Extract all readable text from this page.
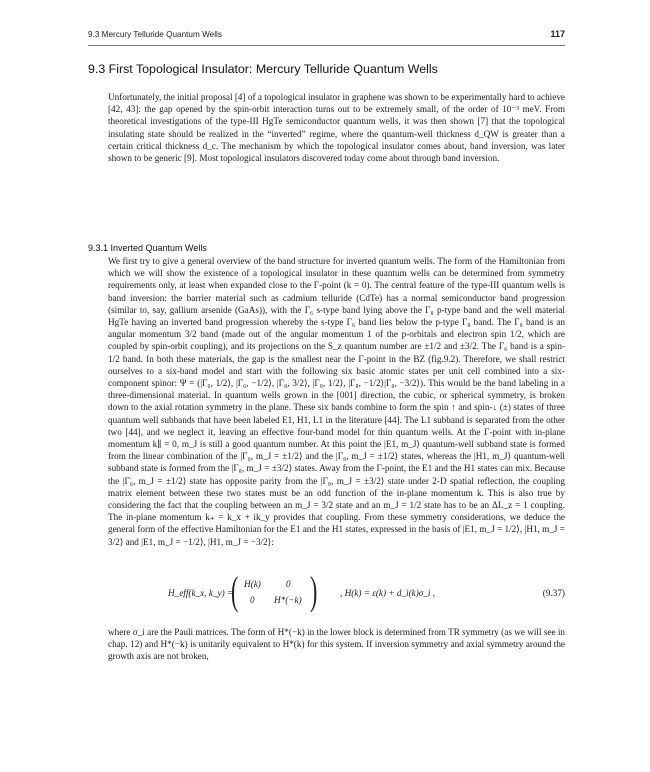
9.3 Mercury Telluride Quantum Wells	117
9.3 First Topological Insulator: Mercury Telluride Quantum Wells

Unfortunately, the initial proposal [4] of a topological insulator in graphene was shown to be experimentally hard to achieve [42, 43]: the gap opened by the spin-orbit interaction turns out to be extremely small, of the order of 10⁻³ meV. From theoretical investigations of the type-III HgTe semiconductor quantum wells, it was then shown [7] that the topological insulating state should be realized in the “inverted” regime, where the quantum-well thickness d_QW is greater than a certain critical thickness d_c. The mechanism by which the topological insulator comes about, band inversion, was later shown to be generic [9]. Most topological insulators discovered today come about through band inversion.

9.3.1 Inverted Quantum Wells

We first try to give a general overview of the band structure for inverted quantum wells. The form of the Hamiltonian from which we will show the existence of a topological insulator in these quantum wells can be determined from symmetry requirements only, at least when expanded close to the Γ-point (k = 0). The central feature of the type-III quantum wells is band inversion: the barrier material such as cadmium telluride (CdTe) has a normal semiconductor band progression (similar to, say, gallium arsenide (GaAs)), with the Γ₆ s-type band lying above the Γ₈ p-type band and the well material HgTe having an inverted band progression whereby the s-type Γ₆ band lies below the p-type Γ₈ band. The Γ₈ band is an angular momentum 3/2 band (made out of the angular momentum 1 of the p-orbitals and electron spin 1/2, which are coupled by spin-orbit coupling), and its projections on the S_z quantum number are ±1/2 and ±3/2. The Γ₆ band is a spin-1/2 band. In both these materials, the gap is the smallest near the Γ-point in the BZ (fig.9.2). Therefore, we shall restrict ourselves to a six-band model and start with the following six basic atomic states per unit cell combined into a six-component spinor: Ψ = (|Γ₆, 1/2⟩, |Γ₆, −1/2⟩, |Γ₈, 3/2⟩, |Γ₈, 1/2⟩, |Γ₈, −1/2⟩|Γ₈, −3/2⟩). This would be the band labeling in a three-dimensional material. In quantum wells grown in the [001] direction, the cubic, or spherical symmetry, is broken down to the axial rotation symmetry in the plane. These six bands combine to form the spin ↑ and spin-↓ (±) states of three quantum well subbands that have been labeled E1, H1, L1 in the literature [44]. The L1 subband is separated from the other two [44], and we neglect it, leaving an effective four-band model for thin quantum wells. At the Γ-point with in-plane momentum k∥ = 0, m_J is still a good quantum number. At this point the |E1, m_J⟩ quantum-well subband state is formed from the linear combination of the |Γ₆, m_J = ±1/2⟩ and the |Γ₈, m_J = ±1/2⟩ states, whereas the |H1, m_J⟩ quantum-well subband state is formed from the |Γ₈, m_J = ±3/2⟩ states. Away from the Γ-point, the E1 and the H1 states can mix. Because the |Γ₆, m_J = ±1/2⟩ state has opposite parity from the |Γ₈, m_J = ±3/2⟩ state under 2-D spatial reflection, the coupling matrix element between these two states must be an odd function of the in-plane momentum k. This is also true by considering the fact that the coupling between an m_J = 3/2 state and an m_J = 1/2 state has to be an ΔL_z = 1 coupling. The in-plane momentum k₊ = k_x + ik_y provides that coupling. From these symmetry considerations, we deduce the general form of the effective Hamiltonian for the E1 and the H1 states, expressed in the basis of |E1, m_J = 1/2⟩, |H1, m_J = 3/2⟩ and |E1, m_J = −1/2⟩, |H1, m_J = −3/2⟩:

H_eff(k_x, k_y) =
( H(k)	0
0 H*(−k) ) , H(k) = ε(k) + d_i(k)σ_i ,	(9.37)

where σ_i are the Pauli matrices. The form of H*(−k) in the lower block is determined from TR symmetry (as we will see in chap. 12) and H*(−k) is unitarily equivalent to H*(k) for this system. If inversion symmetry and axial symmetry around the growth axis are not broken,
